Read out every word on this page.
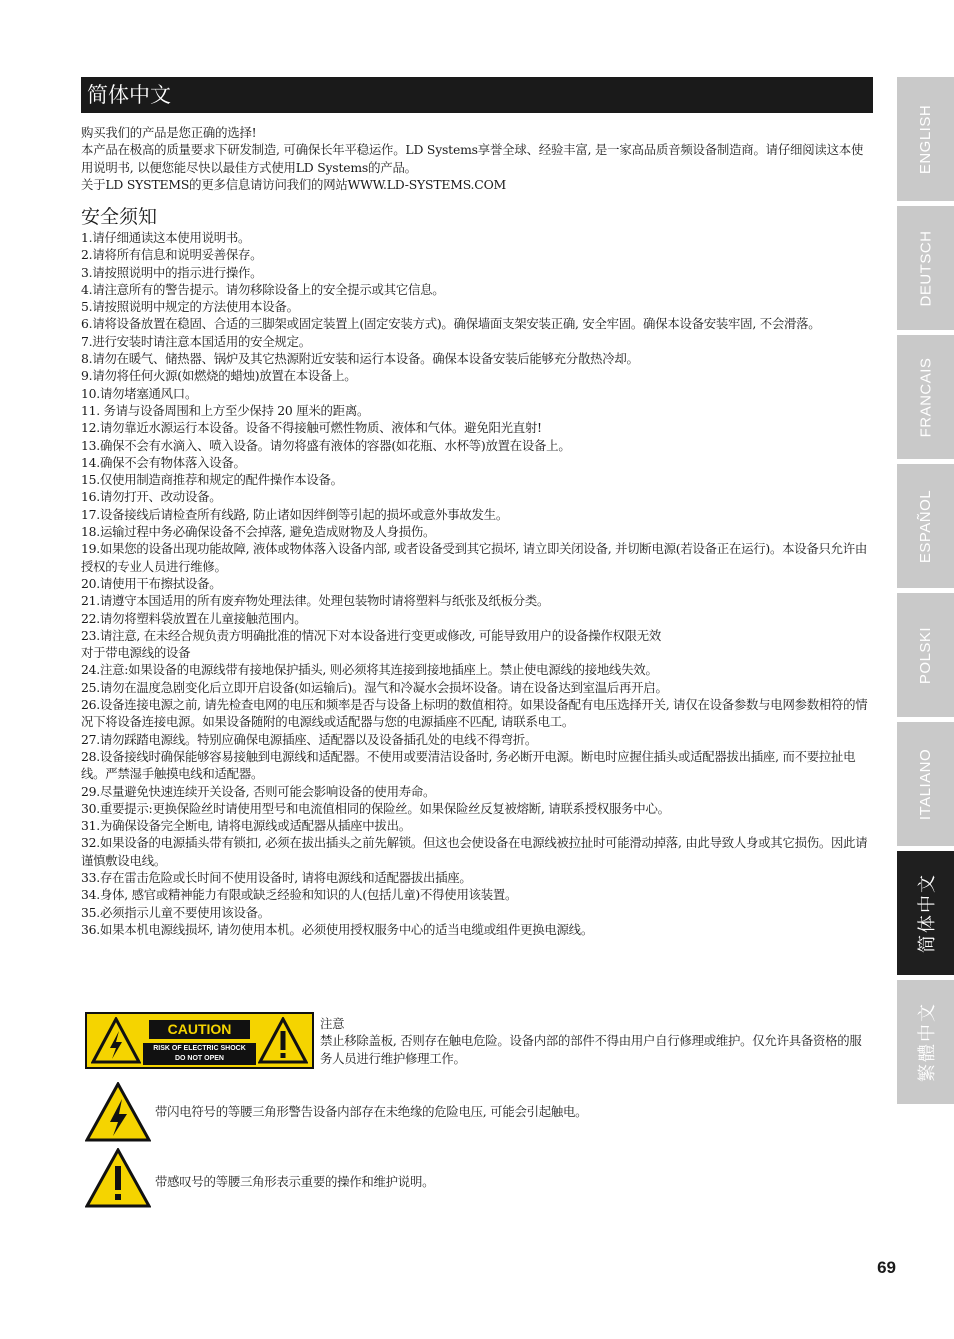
简体中文

购买我们的产品是您正确的选择!

本产品在极高的质量要求下研发制造, 可确保长年平稳运作。LD Systems享誉全球、经验丰富, 是一家高品质音频设备制造商。请仔细阅读这本使用说明书, 以便您能尽快以最佳方式使用LD Systems的产品。

关于LD SYSTEMS的更多信息请访问我们的网站WWW.LD-SYSTEMS.COM

安全须知
1.请仔细通读这本使用说明书。
2.请将所有信息和说明妥善保存。
3.请按照说明中的指示进行操作。
4.请注意所有的警告提示。请勿移除设备上的安全提示或其它信息。
5.请按照说明中规定的方法使用本设备。
6.请将设备放置在稳固、合适的三脚架或固定装置上(固定安装方式)。确保墙面支架安装正确, 安全牢固。确保本设备安装牢固, 不会滑落。
7.进行安装时请注意本国适用的安全规定。
8.请勿在暖气、储热器、锅炉及其它热源附近安装和运行本设备。确保本设备安装后能够充分散热冷却。
9.请勿将任何火源(如燃烧的蜡烛)放置在本设备上。
10.请勿堵塞通风口。
11. 务请与设备周围和上方至少保持 20 厘米的距离。
12.请勿靠近水源运行本设备。设备不得接触可燃性物质、液体和气体。避免阳光直射!
13.确保不会有水滴入、喷入设备。请勿将盛有液体的容器(如花瓶、水杯等)放置在设备上。
14.确保不会有物体落入设备。
15.仅使用制造商推荐和规定的配件操作本设备。
16.请勿打开、改动设备。
17.设备接线后请检查所有线路, 防止诸如因绊倒等引起的损坏或意外事故发生。
18.运输过程中务必确保设备不会掉落, 避免造成财物及人身损伤。
19.如果您的设备出现功能故障, 液体或物体落入设备内部, 或者设备受到其它损坏, 请立即关闭设备, 并切断电源(若设备正在运行)。本设备只允许由授权的专业人员进行维修。
20.请使用干布擦拭设备。
21.请遵守本国适用的所有废弃物处理法律。处理包装物时请将塑料与纸张及纸板分类。
22.请勿将塑料袋放置在儿童接触范围内。
23.请注意, 在未经合规负责方明确批准的情况下对本设备进行变更或修改, 可能导致用户的设备操作权限无效
对于带电源线的设备
24.注意:如果设备的电源线带有接地保护插头, 则必须将其连接到接地插座上。禁止使电源线的接地线失效。
25.请勿在温度急剧变化后立即开启设备(如运输后)。湿气和冷凝水会损坏设备。请在设备达到室温后再开启。
26.设备连接电源之前, 请先检查电网的电压和频率是否与设备上标明的数值相符。如果设备配有电压选择开关, 请仅在设备参数与电网参数相符的情况下将设备连接电源。如果设备随附的电源线或适配器与您的电源插座不匹配, 请联系电工。
27.请勿踩踏电源线。特别应确保电源插座、适配器以及设备插孔处的电线不得弯折。
28.设备接线时确保能够容易接触到电源线和适配器。不使用或要清洁设备时, 务必断开电源。断电时应握住插头或适配器拔出插座, 而不要拉扯电线。严禁湿手触摸电线和适配器。
29.尽量避免快速连续开关设备, 否则可能会影响设备的使用寿命。
30.重要提示:更换保险丝时请使用型号和电流值相同的保险丝。如果保险丝反复被熔断, 请联系授权服务中心。
31.为确保设备完全断电, 请将电源线或适配器从插座中拔出。
32.如果设备的电源插头带有锁扣, 必须在拔出插头之前先解锁。但这也会使设备在电源线被拉扯时可能滑动掉落, 由此导致人身或其它损伤。因此请谨慎敷设电线。
33.存在雷击危险或长时间不使用设备时, 请将电源线和适配器拔出插座。
34.身体, 感官或精神能力有限或缺乏经验和知识的人(包括儿童)不得使用该装置。
35.必须指示儿童不要使用该设备。
36.如果本机电源线损坏, 请勿使用本机。必须使用授权服务中心的适当电缆或组件更换电源线。
CAUTION
RISK OF ELECTRIC SHOCK
DO NOT OPEN

注意

禁止移除盖板, 否则存在触电危险。设备内部的部件不得由用户自行修理或维护。仅允许具备资格的服务人员进行维护修理工作。

带闪电符号的等腰三角形警告设备内部存在未绝缘的危险电压, 可能会引起触电。
带感叹号的等腰三角形表示重要的操作和维护说明。
ENGLISH
DEUTSCH
FRANCAIS
ESPAÑOL
POLSKI
ITALIANO
简体中文
繁體中文
69
